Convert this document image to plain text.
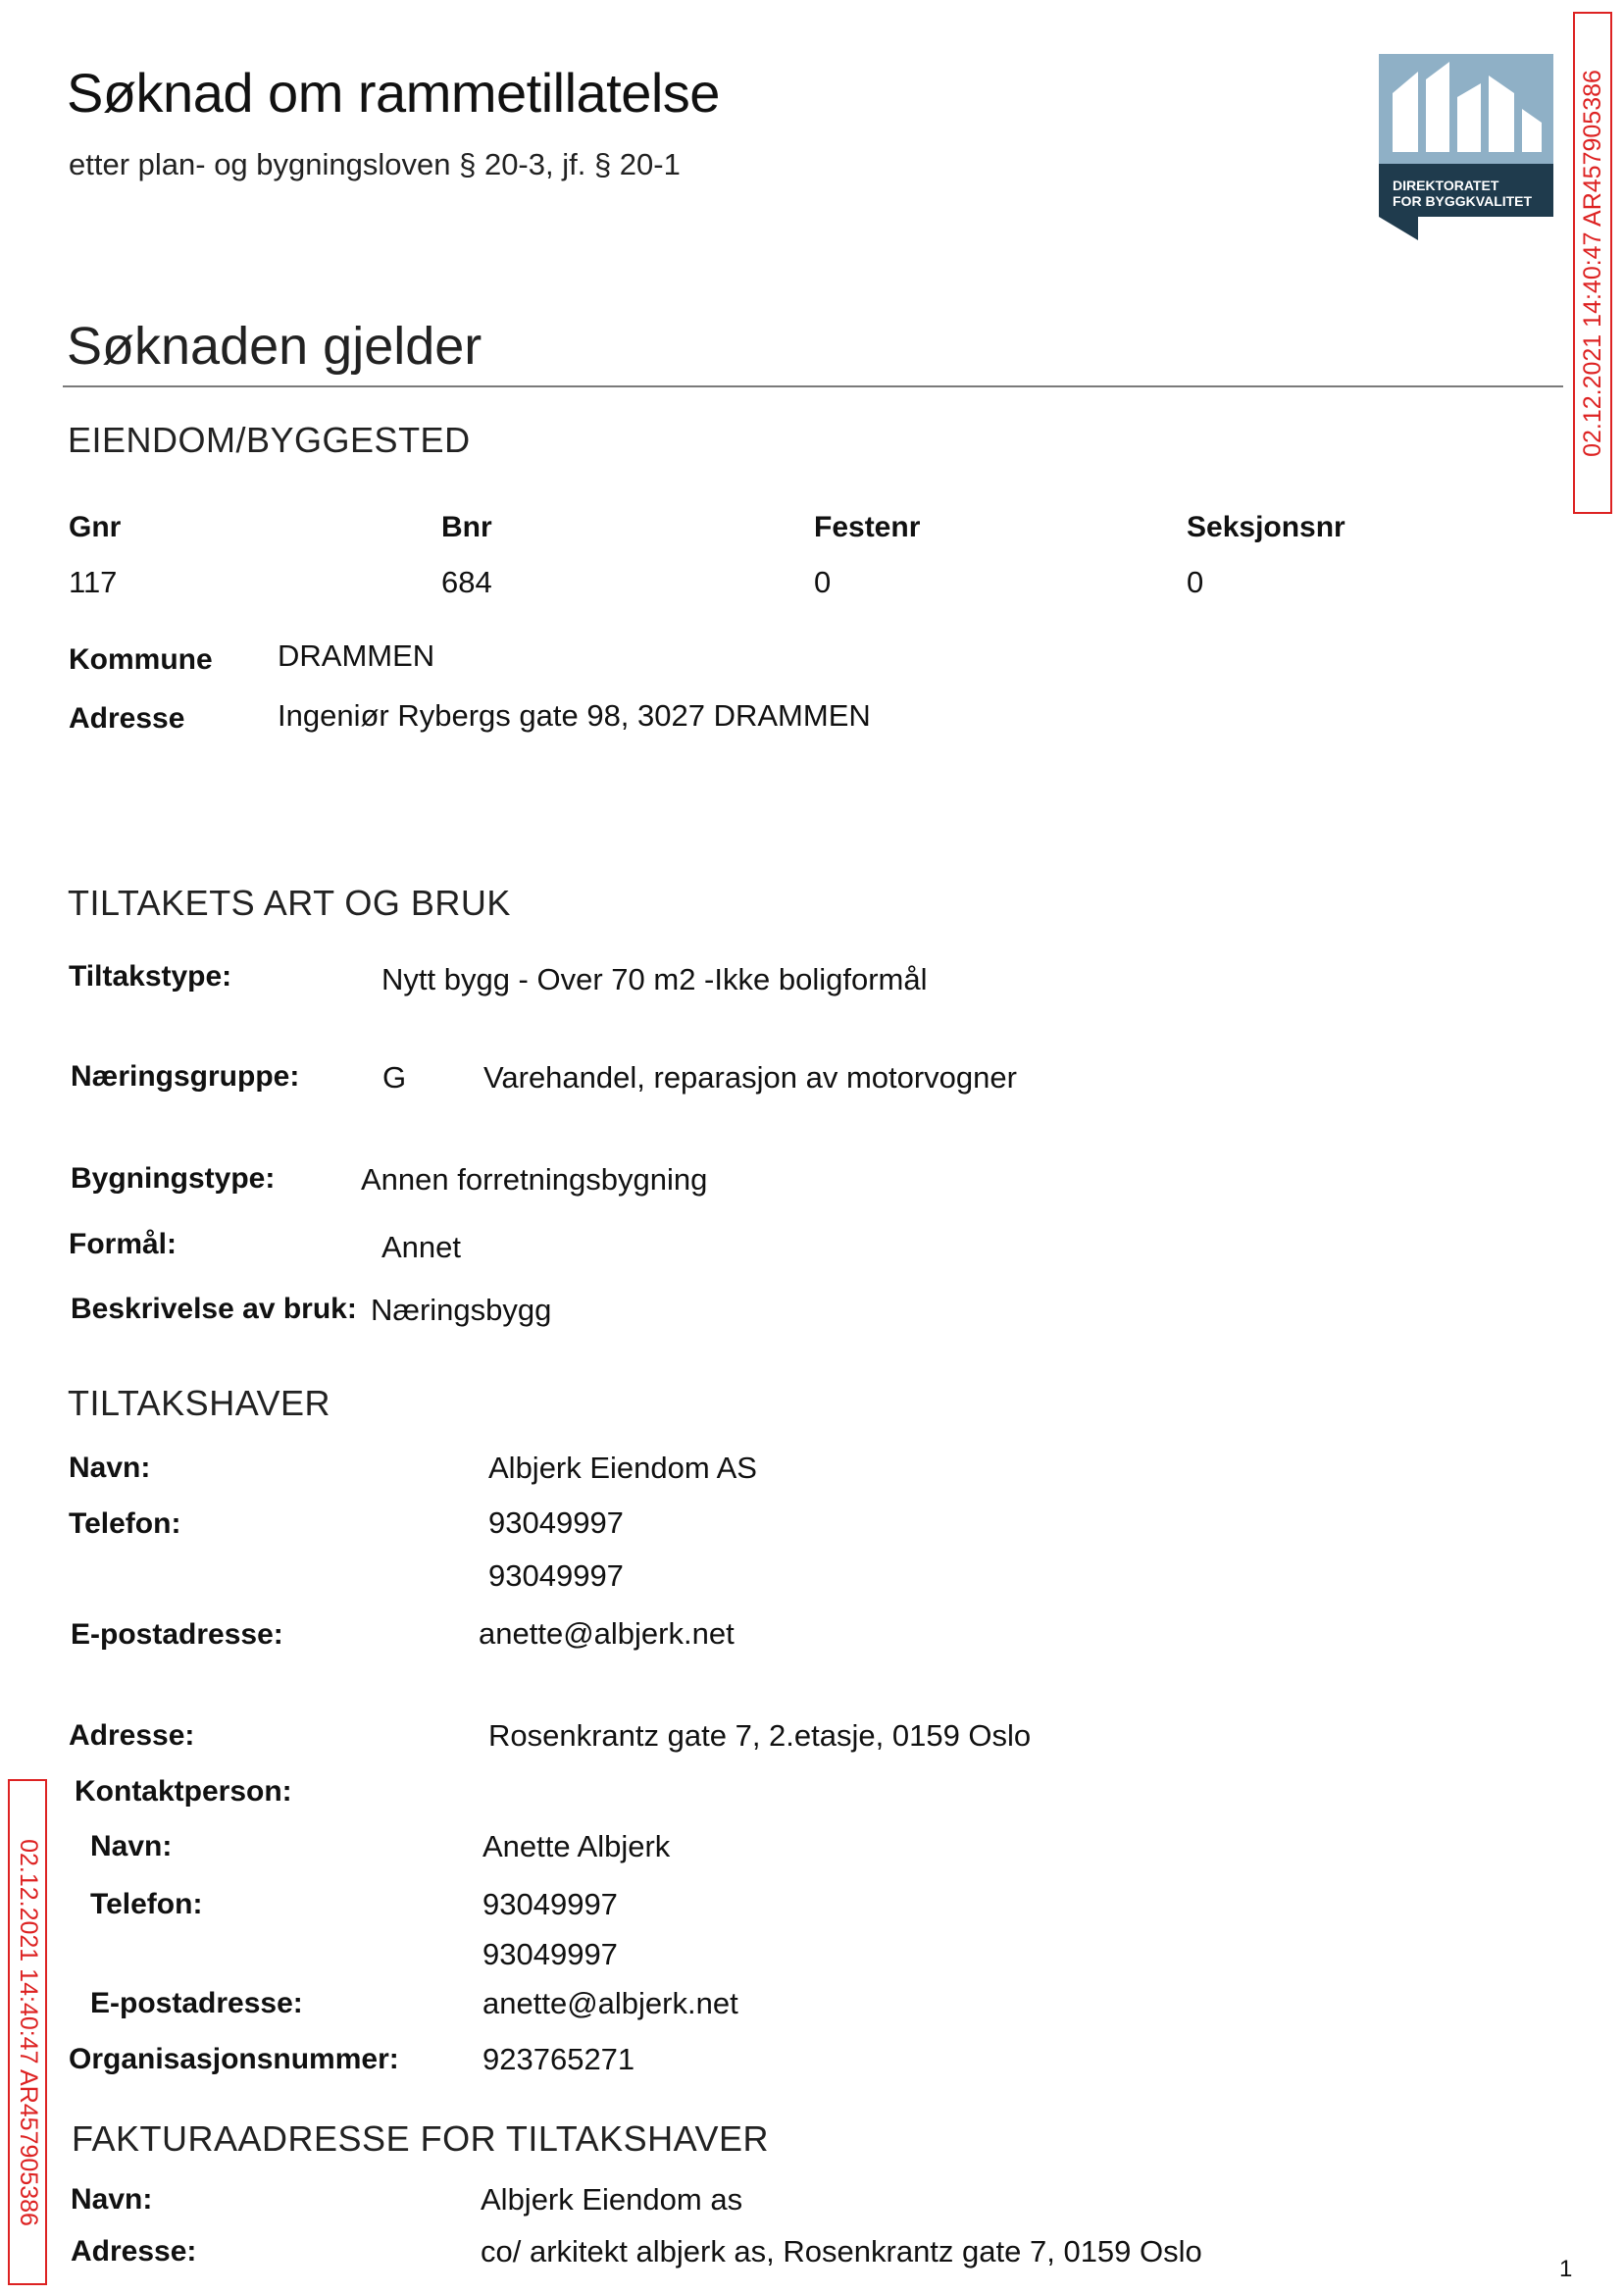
Søknad om rammetillatelse
etter plan- og bygningsloven § 20-3, jf. § 20-1
DIREKTORATET
FOR BYGGKVALITET 02.12.2021 14:40:47 AR457905386
02.12.2021 14:40:47 AR457905386
Søknaden gjelder
EIENDOM/BYGGESTED
Gnr	Bnr	Festenr	Seksjonsnr
117	684	0	0
Kommune DRAMMEN
Adresse	Ingeniør Rybergs gate 98, 3027 DRAMMEN
TILTAKETS ART OG BRUK
Tiltakstype:	Nytt bygg - Over 70 m2 -Ikke boligformål
Næringsgruppe:	G	Varehandel, reparasjon av motorvogner
Bygningstype:	Annen forretningsbygning
Formål:	Annet
Beskrivelse av bruk: Næringsbygg
TILTAKSHAVER
Navn:	Albjerk Eiendom AS
Telefon:	93049997
93049997
E-postadresse:	anette@albjerk.net
Adresse:	Rosenkrantz gate 7, 2.etasje, 0159 Oslo
Kontaktperson:
Navn:	Anette Albjerk
Telefon:	93049997
93049997
E-postadresse:	anette@albjerk.net
Organisasjonsnummer:	923765271
FAKTURAADRESSE FOR TILTAKSHAVER
Navn:	Albjerk Eiendom as
Adresse:	co/ arkitekt albjerk as, Rosenkrantz gate 7, 0159 Oslo
1
